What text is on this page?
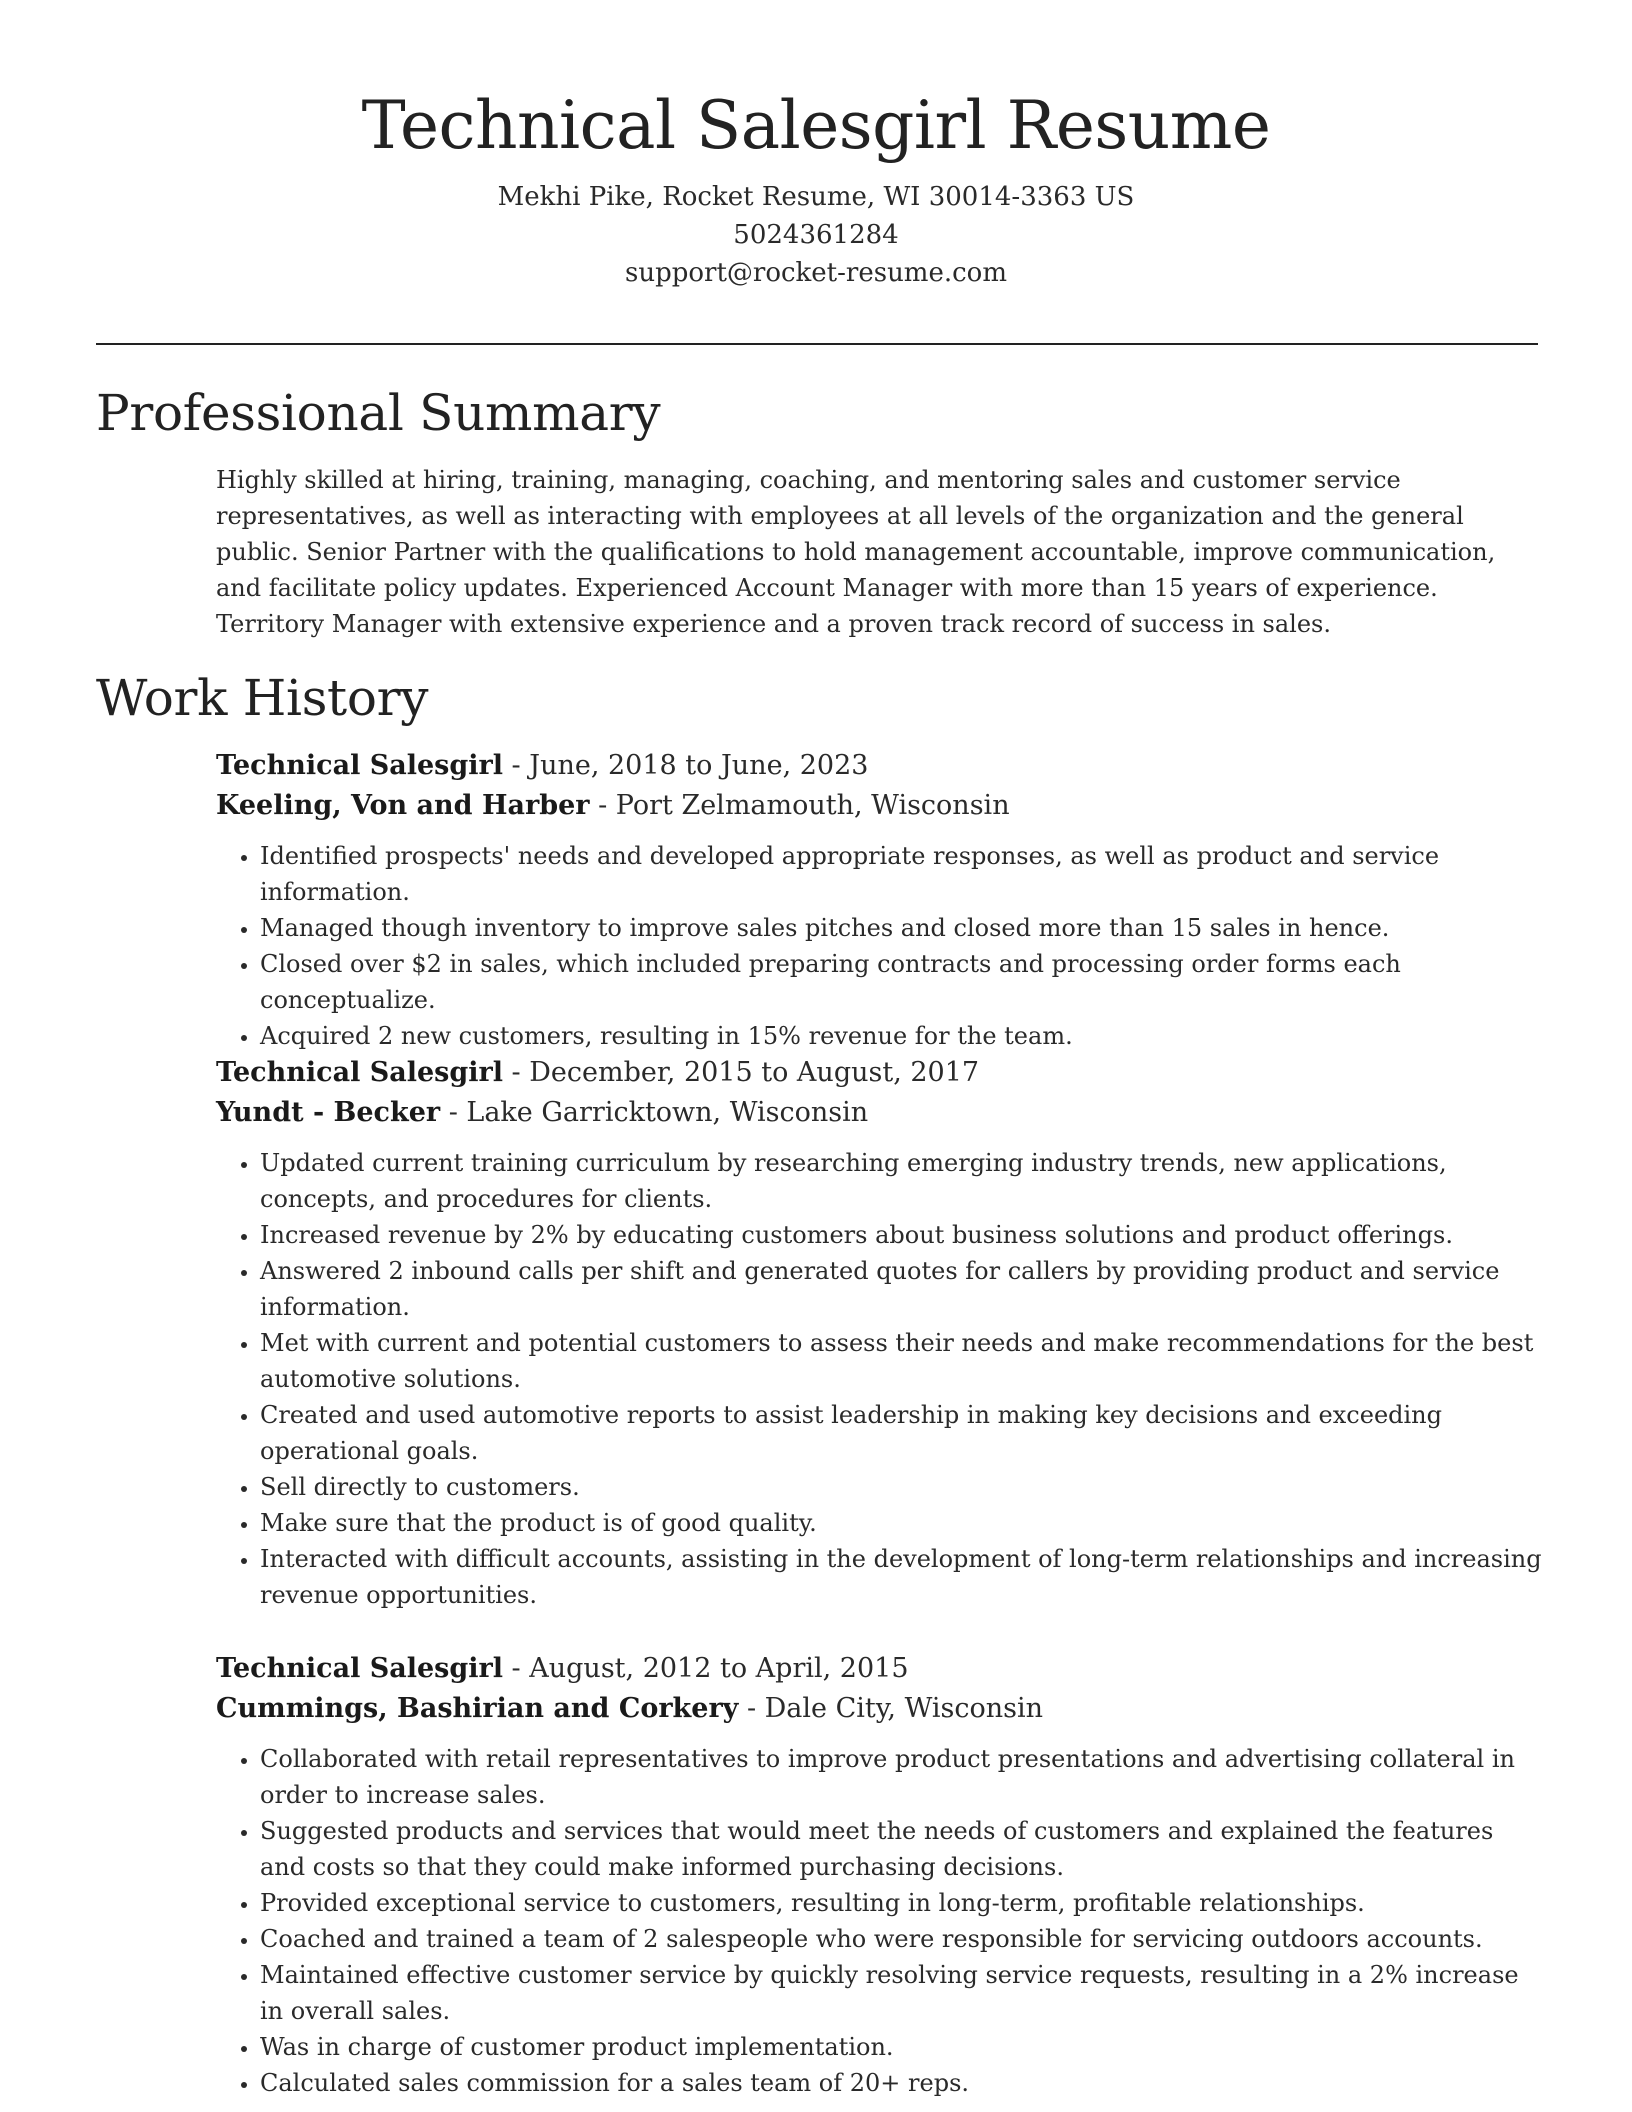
Technical Salesgirl Resume
Mekhi Pike, Rocket Resume, WI 30014-3363 US
5024361284
support@rocket-resume.com
Professional Summary

Highly skilled at hiring, training, managing, coaching, and mentoring sales and customer service representatives, as well as interacting with employees at all levels of the organization and the general public. Senior Partner with the qualifications to hold management accountable, improve communication, and facilitate policy updates. Experienced Account Manager with more than 15 years of experience. Territory Manager with extensive experience and a proven track record of success in sales.

Work History

Technical Salesgirl - June, 2018 to June, 2023

Keeling, Von and Harber - Port Zelmamouth, Wisconsin

• Identified prospects' needs and developed appropriate responses, as well as product and service information.
• Managed though inventory to improve sales pitches and closed more than 15 sales in hence.
• Closed over $2 in sales, which included preparing contracts and processing order forms each conceptualize.
• Acquired 2 new customers, resulting in 15% revenue for the team.

Technical Salesgirl - December, 2015 to August, 2017

Yundt - Becker - Lake Garricktown, Wisconsin

• Updated current training curriculum by researching emerging industry trends, new applications, concepts, and procedures for clients.
• Increased revenue by 2% by educating customers about business solutions and product offerings.
• Answered 2 inbound calls per shift and generated quotes for callers by providing product and service information.
• Met with current and potential customers to assess their needs and make recommendations for the best automotive solutions.
• Created and used automotive reports to assist leadership in making key decisions and exceeding operational goals.
• Sell directly to customers.
• Make sure that the product is of good quality.
• Interacted with difficult accounts, assisting in the development of long-term relationships and increasing revenue opportunities.

Technical Salesgirl - August, 2012 to April, 2015

Cummings, Bashirian and Corkery - Dale City, Wisconsin

• Collaborated with retail representatives to improve product presentations and advertising collateral in order to increase sales.
• Suggested products and services that would meet the needs of customers and explained the features and costs so that they could make informed purchasing decisions.
• Provided exceptional service to customers, resulting in long-term, profitable relationships.
• Coached and trained a team of 2 salespeople who were responsible for servicing outdoors accounts.
• Maintained effective customer service by quickly resolving service requests, resulting in a 2% increase in overall sales.
• Was in charge of customer product implementation.
• Calculated sales commission for a sales team of 20+ reps.
